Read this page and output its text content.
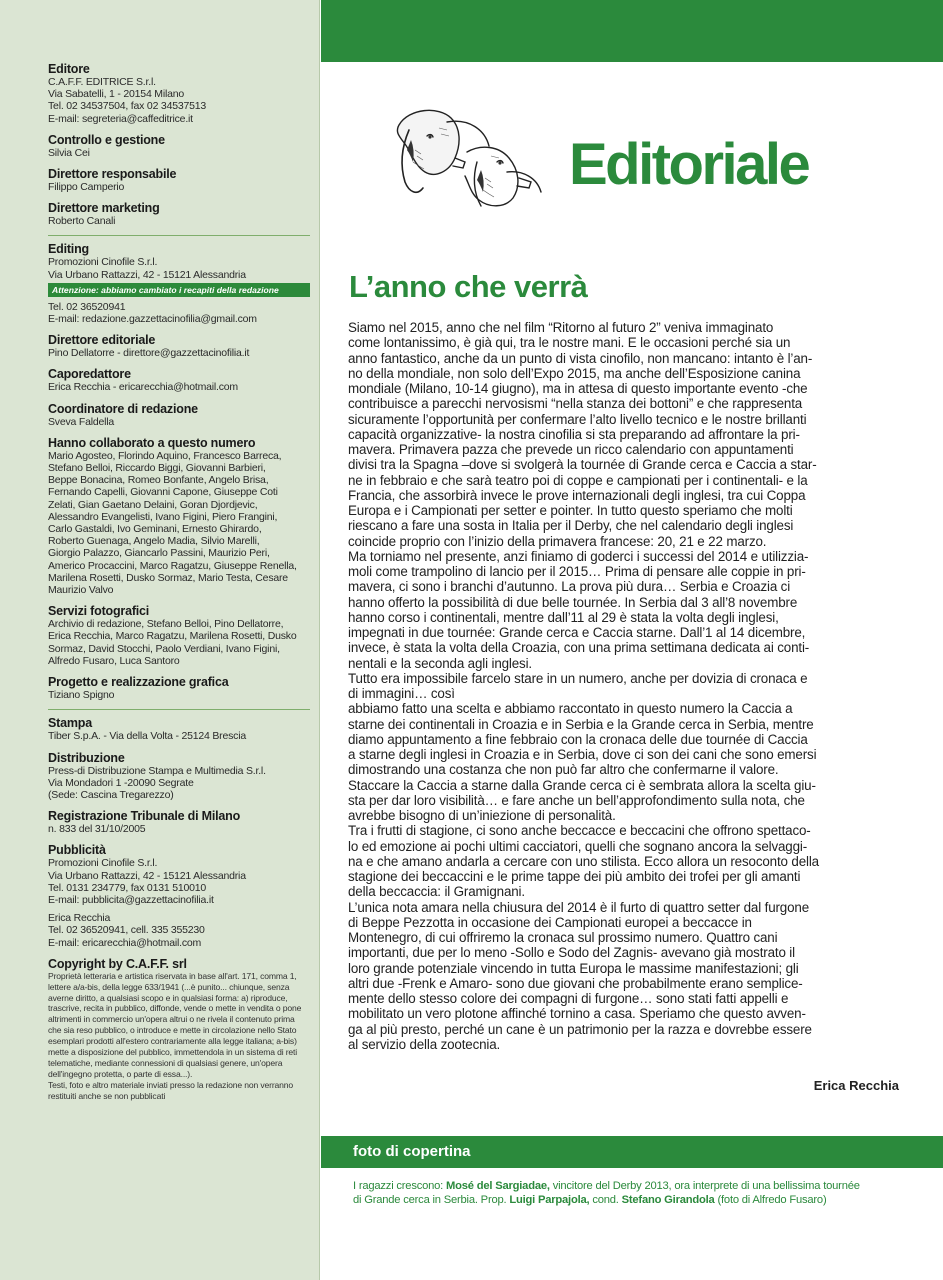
Editore
C.A.F.F. EDITRICE S.r.l.
Via Sabatelli, 1 - 20154 Milano
Tel. 02 34537504, fax 02 34537513
E-mail: segreteria@caffeditrice.it
Controllo e gestione
Silvia Cei
Direttore responsabile
Filippo Camperio
Direttore marketing
Roberto Canali
Editing
Promozioni Cinofile S.r.l.
Via Urbano Rattazzi, 42 - 15121 Alessandria
Attenzione: abbiamo cambiato i recapiti della redazione
Tel. 02 36520941
E-mail: redazione.gazzettacinofilia@gmail.com
Direttore editoriale
Pino Dellatorre - direttore@gazzettacinofilia.it
Caporedattore
Erica Recchia - ericarecchia@hotmail.com
Coordinatore di redazione
Sveva Faldella
Hanno collaborato a questo numero
Mario Agosteo, Florindo Aquino, Francesco Barreca,
Stefano Belloi, Riccardo Biggi, Giovanni Barbieri,
Beppe Bonacina, Romeo Bonfante, Angelo Brisa,
Fernando Capelli, Giovanni Capone, Giuseppe Coti
Zelati, Gian Gaetano Delaini, Goran Djordjevic,
Alessandro Evangelisti, Ivano Figini, Piero Frangini,
Carlo Gastaldi, Ivo Geminani, Ernesto Ghirardo,
Roberto Guenaga, Angelo Madia, Silvio Marelli,
Giorgio Palazzo, Giancarlo Passini, Maurizio Peri,
Americo Procaccini, Marco Ragatzu, Giuseppe Renella,
Marilena Rosetti, Dusko Sormaz, Mario Testa, Cesare
Maurizio Valvo
Servizi fotografici
Archivio di redazione, Stefano Belloi, Pino Dellatorre,
Erica Recchia, Marco Ragatzu, Marilena Rosetti, Dusko
Sormaz, David Stocchi, Paolo Verdiani, Ivano Figini,
Alfredo Fusaro, Luca Santoro
Progetto e realizzazione grafica
Tiziano Spigno
Stampa
Tiber S.p.A. - Via della Volta - 25124 Brescia
Distribuzione
Press-di Distribuzione Stampa e Multimedia S.r.l.
Via Mondadori 1 -20090 Segrate
(Sede: Cascina Tregarezzo)
Registrazione Tribunale di Milano
n. 833 del 31/10/2005
Pubblicità
Promozioni Cinofile S.r.l.
Via Urbano Rattazzi, 42 - 15121 Alessandria
Tel. 0131 234779, fax 0131 510010
E-mail: pubblicita@gazzettacinofilia.it
Erica Recchia
Tel. 02 36520941, cell. 335 355230
E-mail: ericarecchia@hotmail.com
Copyright by C.A.F.F. srl
Proprietà letteraria e artistica riservata in base all'art. 171, comma 1, lettere a/a-bis, della legge 633/1941 (...è punito... chiunque, senza averne diritto, a qualsiasi scopo e in qualsiasi forma: a) riproduce, trascrive, recita in pubblico, diffonde, vende o mette in vendita o pone altrimenti in commercio un'opera altrui o ne rivela il contenuto prima che sia reso pubblico, o introduce e mette in circolazione nello Stato esemplari prodotti all'estero contrariamente alla legge italiana; a-bis) mette a disposizione del pubblico, immettendola in un sistema di reti telematiche, mediante connessioni di qualsiasi genere, un'opera dell'ingegno protetta, o parte di essa...).
Testi, foto e altro materiale inviati presso la redazione non verranno restituiti anche se non pubblicati
Editoriale
L’anno che verrà
Siamo nel 2015, anno che nel film “Ritorno al futuro 2” veniva immaginato
come lontanissimo, è già qui, tra le nostre mani. E le occasioni perché sia un
anno fantastico, anche da un punto di vista cinofilo, non mancano: intanto è l’an-
no della mondiale, non solo dell’Expo 2015, ma anche dell’Esposizione canina
mondiale (Milano, 10-14 giugno), ma in attesa di questo importante evento -che
contribuisce a parecchi nervosismi “nella stanza dei bottoni” e che rappresenta
sicuramente l’opportunità per confermare l’alto livello tecnico e le nostre brillanti
capacità organizzative- la nostra cinofilia si sta preparando ad affrontare la pri-
mavera. Primavera pazza che prevede un ricco calendario con appuntamenti
divisi tra la Spagna –dove si svolgerà la tournée di Grande cerca e Caccia a star-
ne in febbraio e che sarà teatro poi di coppe e campionati per i continentali- e la
Francia, che assorbirà invece le prove internazionali degli inglesi, tra cui Coppa
Europa e i Campionati per setter e pointer. In tutto questo speriamo che molti
riescano a fare una sosta in Italia per il Derby, che nel calendario degli inglesi
coincide proprio con l’inizio della primavera francese: 20, 21 e 22 marzo.
Ma torniamo nel presente, anzi finiamo di goderci i successi del 2014 e utilizzia-
moli come trampolino di lancio per il 2015… Prima di pensare alle coppie in pri-
mavera, ci sono i branchi d’autunno. La prova più dura… Serbia e Croazia ci
hanno offerto la possibilità di due belle tournée. In Serbia dal 3 all’8 novembre
hanno corso i continentali, mentre dall’11 al 29 è stata la volta degli inglesi,
impegnati in due tournée: Grande cerca e Caccia starne. Dall’1 al 14 dicembre,
invece, è stata la volta della Croazia, con una prima settimana dedicata ai conti-
nentali e la seconda agli inglesi.
Tutto era impossibile farcelo stare in un numero, anche per dovizia di cronaca e
di immagini… così
abbiamo fatto una scelta e abbiamo raccontato in questo numero la Caccia a
starne dei continentali in Croazia e in Serbia e la Grande cerca in Serbia, mentre
diamo appuntamento a fine febbraio con la cronaca delle due tournée di Caccia
a starne degli inglesi in Croazia e in Serbia, dove ci son dei cani che sono emersi
dimostrando una costanza che non può far altro che confermarne il valore.
Staccare la Caccia a starne dalla Grande cerca ci è sembrata allora la scelta giu-
sta per dar loro visibilità… e fare anche un bell’approfondimento sulla nota, che
avrebbe bisogno di un’iniezione di personalità.
Tra i frutti di stagione, ci sono anche beccacce e beccacini che offrono spettaco-
lo ed emozione ai pochi ultimi cacciatori, quelli che sognano ancora la selvaggi-
na e che amano andarla a cercare con uno stilista. Ecco allora un resoconto della
stagione dei beccaccini e le prime tappe dei più ambito dei trofei per gli amanti
della beccaccia: il Gramignani.
L’unica nota amara nella chiusura del 2014 è il furto di quattro setter dal furgone
di Beppe Pezzotta in occasione dei Campionati europei a beccacce in
Montenegro, di cui offriremo la cronaca sul prossimo numero. Quattro cani
importanti, due per lo meno -Sollo e Sodo del Zagnis- avevano già mostrato il
loro grande potenziale vincendo in tutta Europa le massime manifestazioni; gli
altri due -Frenk e Amaro- sono due giovani che probabilmente erano semplice-
mente dello stesso colore dei compagni di furgone… sono stati fatti appelli e
mobilitato un vero plotone affinché tornino a casa. Speriamo che questo avven-
ga al più presto, perché un cane è un patrimonio per la razza e dovrebbe essere
al servizio della zootecnia.
Erica Recchia
foto di copertina
I ragazzi crescono: Mosé del Sargiadae, vincitore del Derby 2013, ora interprete di una bellissima tournée
di Grande cerca in Serbia. Prop. Luigi Parpajola, cond. Stefano Girandola (foto di Alfredo Fusaro)
